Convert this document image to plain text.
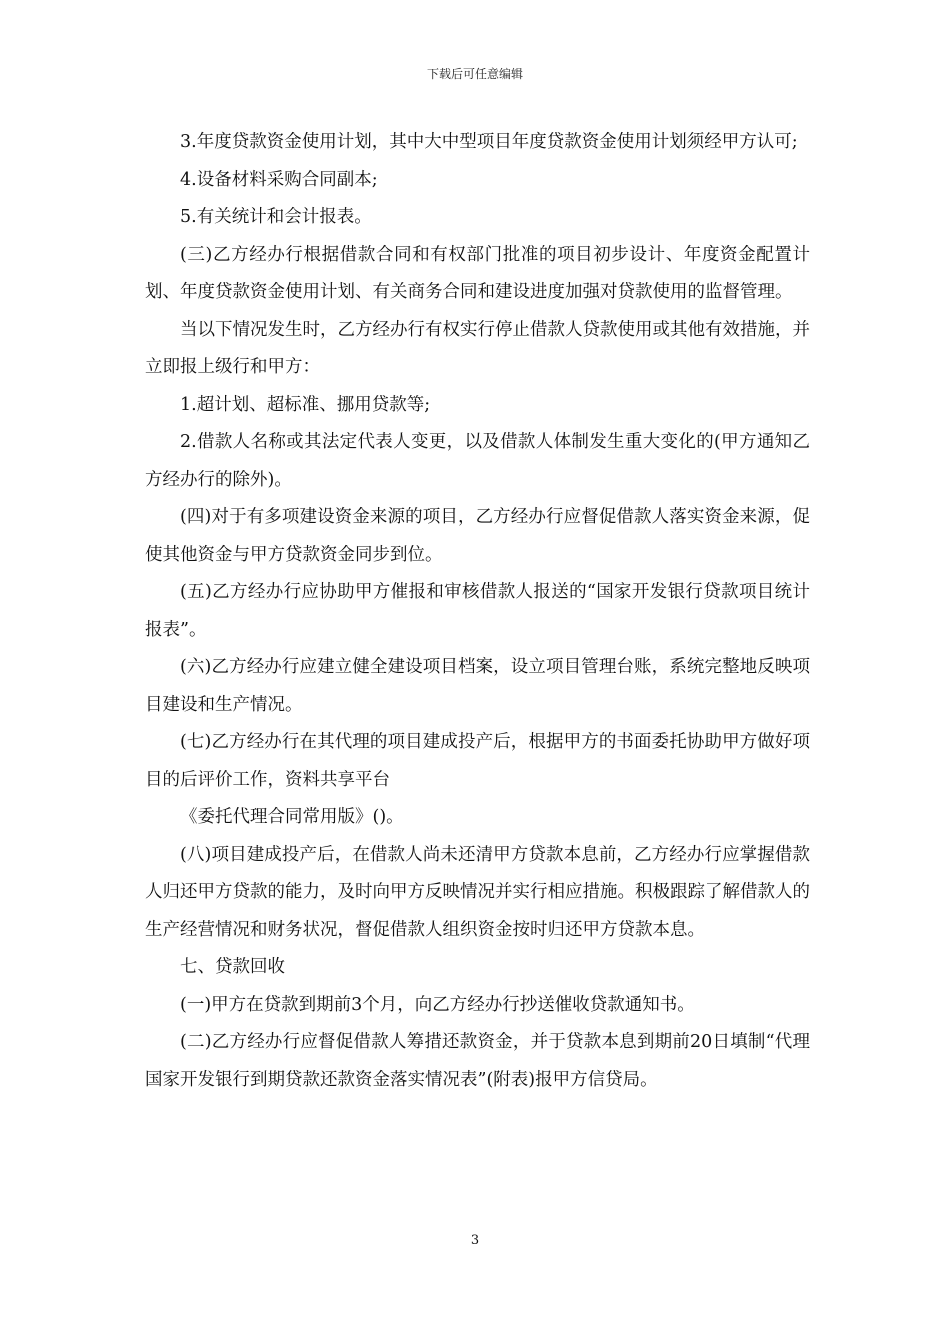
下载后可任意编辑

3.年度贷款资金使用计划，其中大中型项目年度贷款资金使用计划须经甲方认可;

4.设备材料采购合同副本;

5.有关统计和会计报表。

(三)乙方经办行根据借款合同和有权部门批准的项目初步设计、年度资金配置计划、年度贷款资金使用计划、有关商务合同和建设进度加强对贷款使用的监督管理。

当以下情况发生时，乙方经办行有权实行停止借款人贷款使用或其他有效措施，并立即报上级行和甲方：

1.超计划、超标准、挪用贷款等;

2.借款人名称或其法定代表人变更，以及借款人体制发生重大变化的(甲方通知乙方经办行的除外)。

(四)对于有多项建设资金来源的项目，乙方经办行应督促借款人落实资金来源，促使其他资金与甲方贷款资金同步到位。

(五)乙方经办行应协助甲方催报和审核借款人报送的“国家开发银行贷款项目统计报表”。

(六)乙方经办行应建立健全建设项目档案，设立项目管理台账，系统完整地反映项目建设和生产情况。

(七)乙方经办行在其代理的项目建成投产后，根据甲方的书面委托协助甲方做好项目的后评价工作，资料共享平台

《委托代理合同常用版》()。

(八)项目建成投产后，在借款人尚未还清甲方贷款本息前，乙方经办行应掌握借款人归还甲方贷款的能力，及时向甲方反映情况并实行相应措施。积极跟踪了解借款人的生产经营情况和财务状况，督促借款人组织资金按时归还甲方贷款本息。

七、贷款回收

(一)甲方在贷款到期前3个月，向乙方经办行抄送催收贷款通知书。

(二)乙方经办行应督促借款人筹措还款资金，并于贷款本息到期前20日填制“代理国家开发银行到期贷款还款资金落实情况表”(附表)报甲方信贷局。

3
